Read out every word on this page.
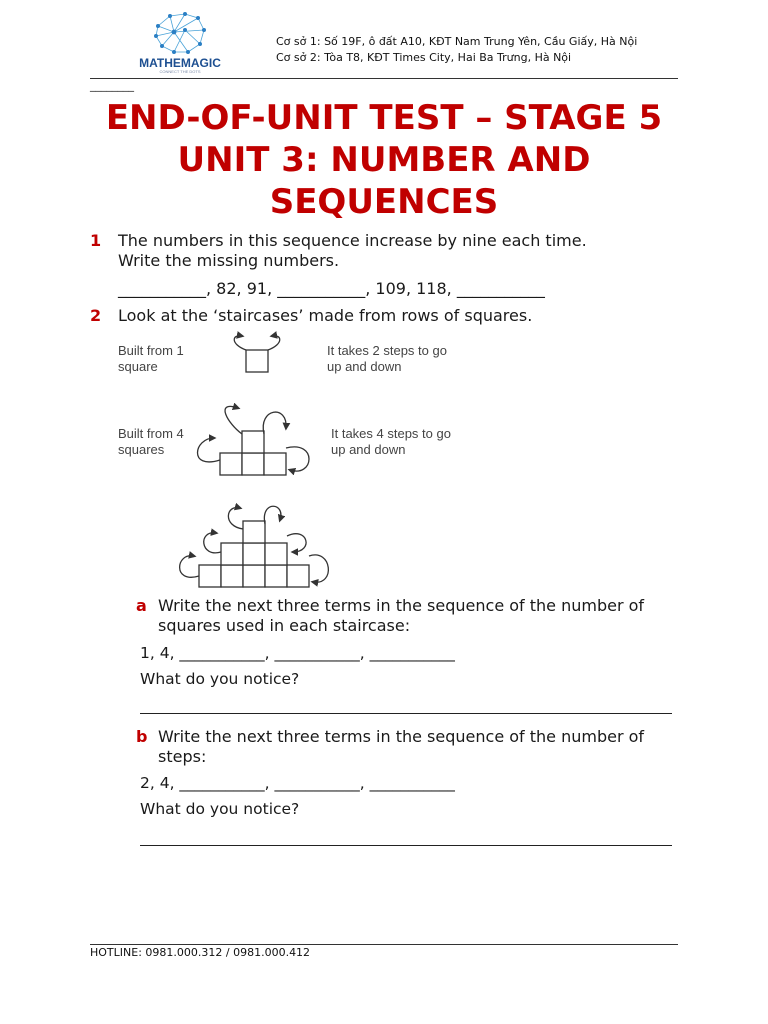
MATHEMAGIC
CONNECT THE DOTS
Cơ sở 1: Số 19F, ô đất A10, KĐT Nam Trung Yên, Cầu Giấy, Hà Nội
Cơ sở 2: Tòa T8, KĐT Times City, Hai Ba Trưng, Hà Nội
________
END-OF-UNIT TEST – STAGE 5
UNIT 3: NUMBER AND
SEQUENCES
1 The numbers in this sequence increase by nine each time.
Write the missing numbers.
___________, 82, 91, ___________, 109, 118, ___________
2 Look at the ‘staircases’ made from rows of squares.
Built from 1
square
It takes 2 steps to go
up and down
Built from 4
squares
It takes 4 steps to go
up and down
a Write the next three terms in the sequence of the number of
squares used in each staircase:
1, 4, ___________, ___________, ___________
What do you notice?
b Write the next three terms in the sequence of the number of
steps:
2, 4, ___________, ___________, ___________
What do you notice?
HOTLINE: 0981.000.312 / 0981.000.412
